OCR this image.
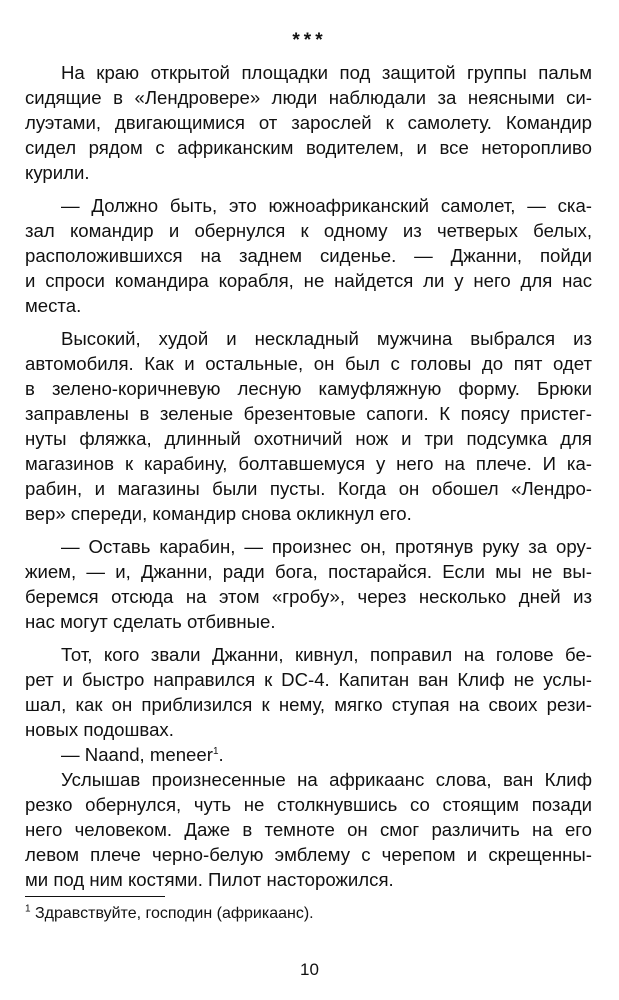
***
На краю открытой площадки под защитой группы пальм
сидящие в «Лендровере» люди наблюдали за неясными си-
луэтами, двигающимися от зарослей к самолету. Командир
сидел рядом с африканским водителем, и все неторопливо
курили.
— Должно быть, это южноафриканский самолет, — ска-
зал командир и обернулся к одному из четверых белых,
расположившихся на заднем сиденье. — Джанни, пойди
и спроси командира корабля, не найдется ли у него для нас
места.
Высокий, худой и нескладный мужчина выбрался из
автомобиля. Как и остальные, он был с головы до пят одет
в зелено-коричневую лесную камуфляжную форму. Брюки
заправлены в зеленые брезентовые сапоги. К поясу пристег-
нуты фляжка, длинный охотничий нож и три подсумка для
магазинов к карабину, болтавшемуся у него на плече. И ка-
рабин, и магазины были пусты. Когда он обошел «Лендро-
вер» спереди, командир снова окликнул его.
— Оставь карабин, — произнес он, протянув руку за ору-
жием, — и, Джанни, ради бога, постарайся. Если мы не вы-
беремся отсюда на этом «гробу», через несколько дней из
нас могут сделать отбивные.
Тот, кого звали Джанни, кивнул, поправил на голове бе-
рет и быстро направился к DC-4. Капитан ван Клиф не услы-
шал, как он приблизился к нему, мягко ступая на своих рези-
новых подошвах.
— Naand, meneer$^1$.
Услышав произнесенные на африкаанс слова, ван Клиф
резко обернулся, чуть не столкнувшись со стоящим позади
него человеком. Даже в темноте он смог различить на его
левом плече черно-белую эмблему с черепом и скрещенны-
ми под ним костями. Пилот насторожился.
$^1$ Здравствуйте, господин (африкаанс).
10
